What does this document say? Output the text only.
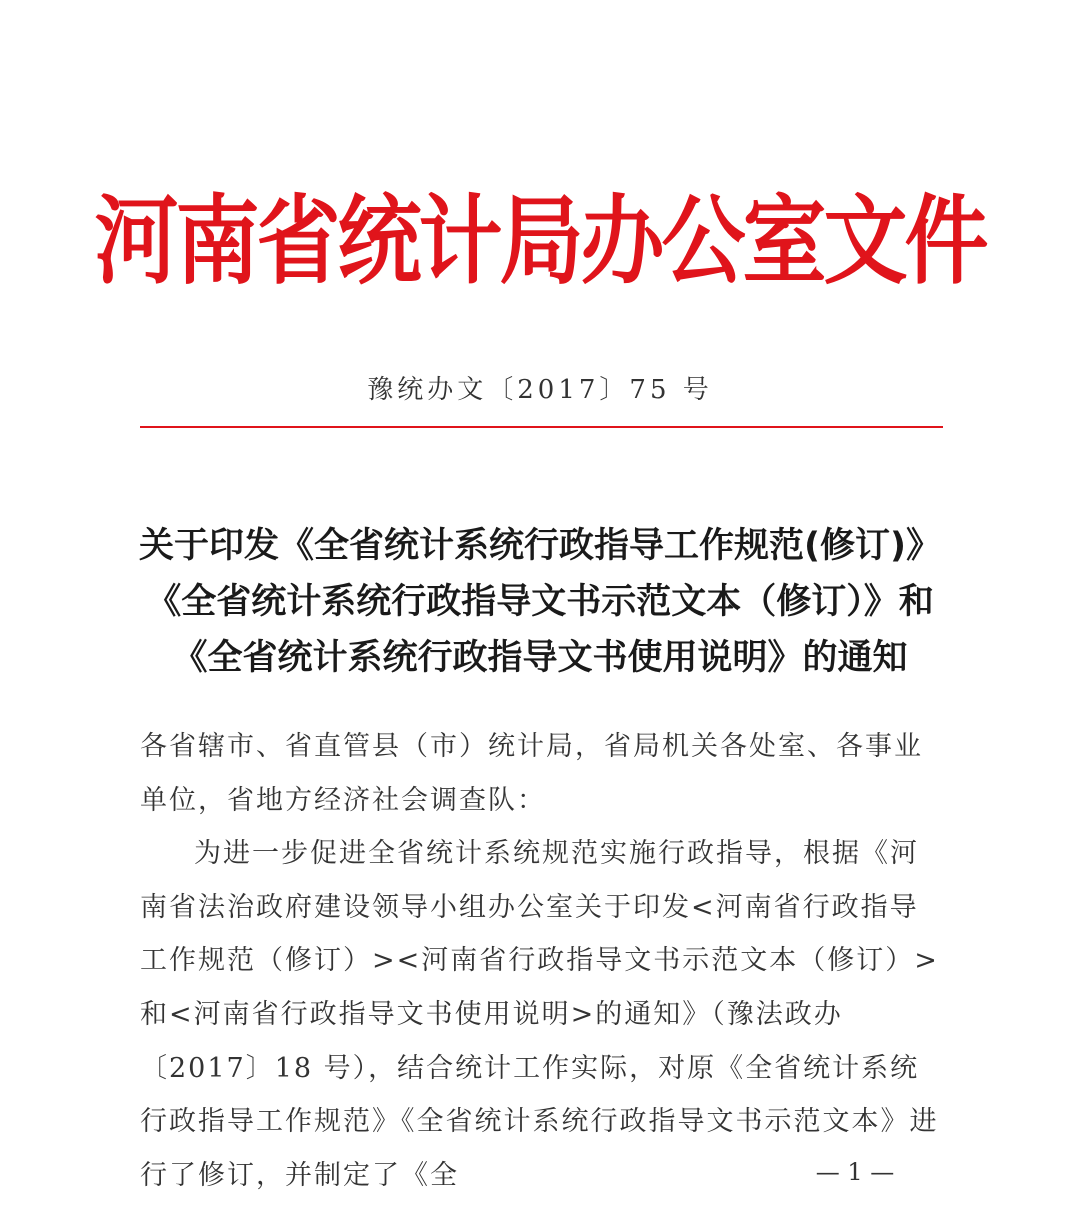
河南省统计局办公室文件
豫统办文〔2017〕75 号
关于印发《全省统计系统行政指导工作规范(修订)》
《全省统计系统行政指导文书示范文本（修订）》和
《全省统计系统行政指导文书使用说明》的通知

各省辖市、省直管县（市）统计局，省局机关各处室、各事业单位，省地方经济社会调查队：

为进一步促进全省统计系统规范实施行政指导，根据《河南省法治政府建设领导小组办公室关于印发<河南省行政指导工作规范（修订）><河南省行政指导文书示范文本（修订）>和<河南省行政指导文书使用说明>的通知》（豫法政办〔2017〕18 号），结合统计工作实际，对原《全省统计系统行政指导工作规范》《全省统计系统行政指导文书示范文本》进行了修订，并制定了《全	— 1 —
